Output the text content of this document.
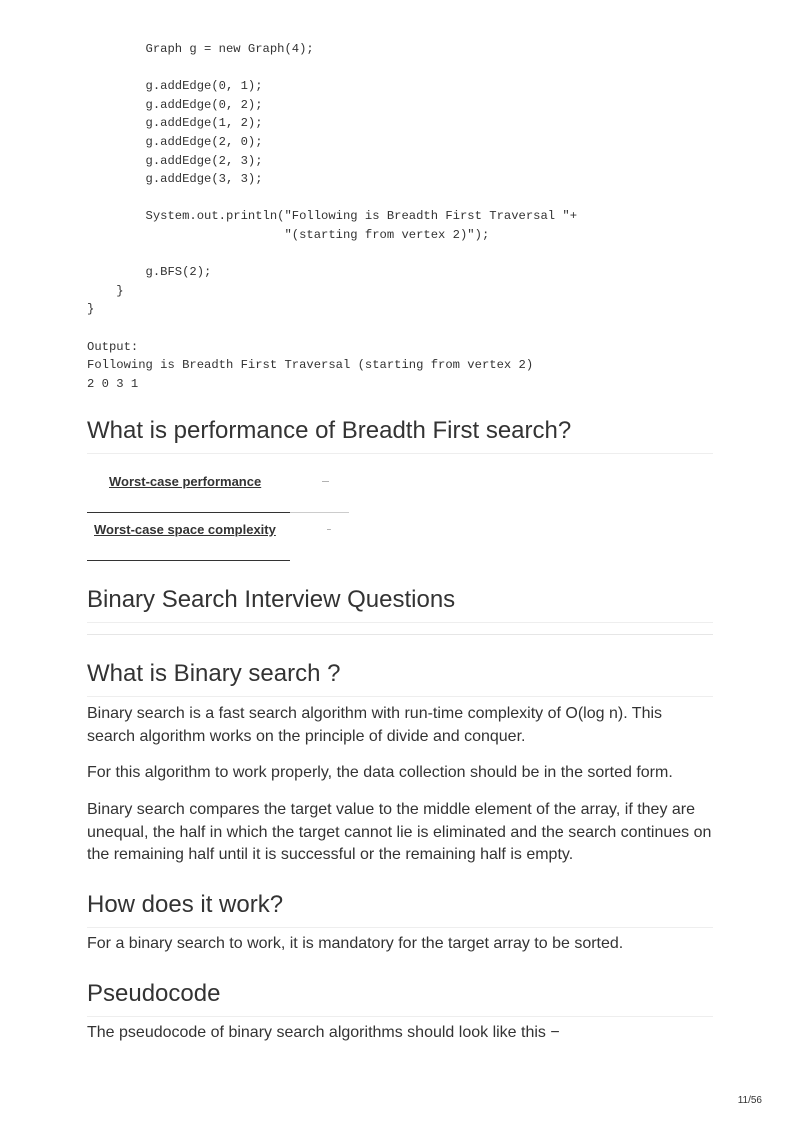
Graph g = new Graph(4);
g.addEdge(0, 1);
g.addEdge(0, 2);
g.addEdge(1, 2);
g.addEdge(2, 0);
g.addEdge(2, 3);
g.addEdge(3, 3);
System.out.println("Following is Breadth First Traversal "+
"(starting from vertex 2)");
g.BFS(2);
}
}
Output:
Following is Breadth First Traversal (starting from vertex 2)
2 0 3 1
What is performance of Breadth First search?
Worst-case performance	—
Worst-case space complexity	–
Binary Search Interview Questions
What is Binary search ?

Binary search is a fast search algorithm with run-time complexity of O(log n). This search algorithm works on the principle of divide and conquer.

For this algorithm to work properly, the data collection should be in the sorted form.

Binary search compares the target value to the middle element of the array, if they are unequal, the half in which the target cannot lie is eliminated and the search continues on the remaining half until it is successful or the remaining half is empty.

How does it work?

For a binary search to work, it is mandatory for the target array to be sorted.

Pseudocode

The pseudocode of binary search algorithms should look like this −

11/56
